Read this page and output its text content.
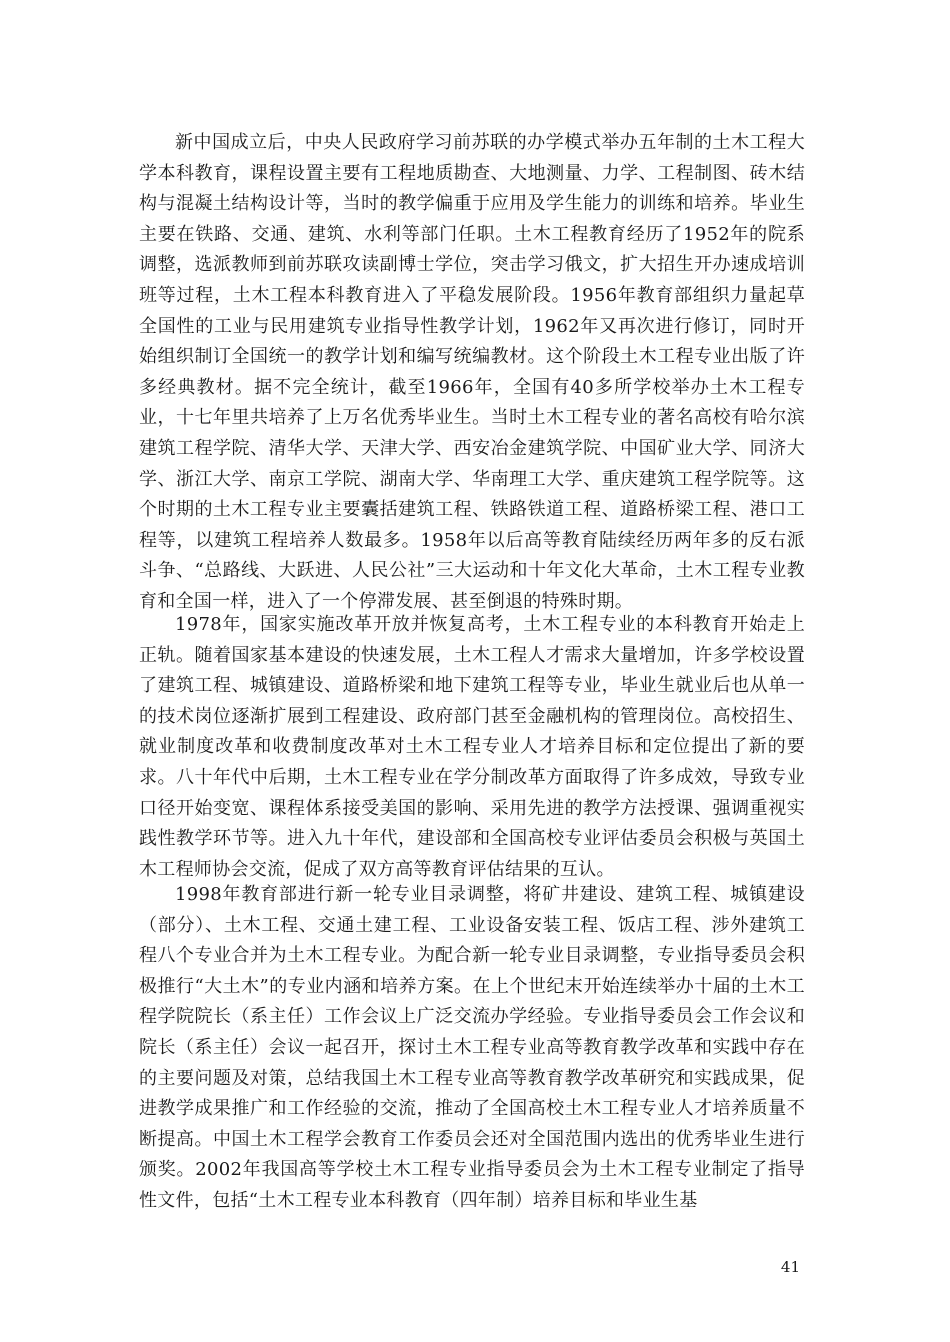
新中国成立后，中央人民政府学习前苏联的办学模式举办五年制的土木工程大学本科教育，课程设置主要有工程地质勘查、大地测量、力学、工程制图、砖木结构与混凝土结构设计等，当时的教学偏重于应用及学生能力的训练和培养。毕业生主要在铁路、交通、建筑、水利等部门任职。土木工程教育经历了1952年的院系调整，选派教师到前苏联攻读副博士学位，突击学习俄文，扩大招生开办速成培训班等过程，土木工程本科教育进入了平稳发展阶段。1956年教育部组织力量起草全国性的工业与民用建筑专业指导性教学计划，1962年又再次进行修订，同时开始组织制订全国统一的教学计划和编写统编教材。这个阶段土木工程专业出版了许多经典教材。据不完全统计，截至1966年，全国有40多所学校举办土木工程专业，十七年里共培养了上万名优秀毕业生。当时土木工程专业的著名高校有哈尔滨建筑工程学院、清华大学、天津大学、西安冶金建筑学院、中国矿业大学、同济大学、浙江大学、南京工学院、湖南大学、华南理工大学、重庆建筑工程学院等。这个时期的土木工程专业主要囊括建筑工程、铁路铁道工程、道路桥梁工程、港口工程等，以建筑工程培养人数最多。1958年以后高等教育陆续经历两年多的反右派斗争、“总路线、大跃进、人民公社”三大运动和十年文化大革命，土木工程专业教育和全国一样，进入了一个停滞发展、甚至倒退的特殊时期。

1978年，国家实施改革开放并恢复高考，土木工程专业的本科教育开始走上正轨。随着国家基本建设的快速发展，土木工程人才需求大量增加，许多学校设置了建筑工程、城镇建设、道路桥梁和地下建筑工程等专业，毕业生就业后也从单一的技术岗位逐渐扩展到工程建设、政府部门甚至金融机构的管理岗位。高校招生、就业制度改革和收费制度改革对土木工程专业人才培养目标和定位提出了新的要求。八十年代中后期，土木工程专业在学分制改革方面取得了许多成效，导致专业口径开始变宽、课程体系接受美国的影响、采用先进的教学方法授课、强调重视实践性教学环节等。进入九十年代，建设部和全国高校专业评估委员会积极与英国土木工程师协会交流，促成了双方高等教育评估结果的互认。

1998年教育部进行新一轮专业目录调整，将矿井建设、建筑工程、城镇建设（部分）、土木工程、交通土建工程、工业设备安装工程、饭店工程、涉外建筑工程八个专业合并为土木工程专业。为配合新一轮专业目录调整，专业指导委员会积极推行“大土木”的专业内涵和培养方案。在上个世纪末开始连续举办十届的土木工程学院院长（系主任）工作会议上广泛交流办学经验。专业指导委员会工作会议和院长（系主任）会议一起召开，探讨土木工程专业高等教育教学改革和实践中存在的主要问题及对策，总结我国土木工程专业高等教育教学改革研究和实践成果，促进教学成果推广和工作经验的交流，推动了全国高校土木工程专业人才培养质量不断提高。中国土木工程学会教育工作委员会还对全国范围内选出的优秀毕业生进行颁奖。2002年我国高等学校土木工程专业指导委员会为土木工程专业制定了指导性文件，包括“土木工程专业本科教育（四年制）培养目标和毕业生基

41
